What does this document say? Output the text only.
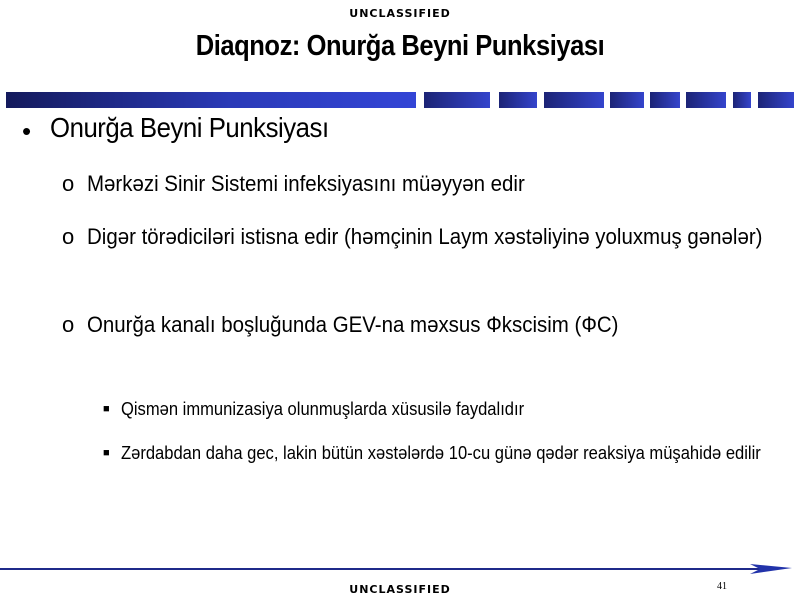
UNCLASSIFIED
Diaqnoz: Onurğa Beyni Punksiyası
• Onurğa Beyni Punksiyası
o Mǝrkǝzi Sinir Sistemi infeksiyasını müǝyyǝn edir
o Digǝr törǝdicilǝri istisna edir (hǝmçinin Laym xǝstǝliyinǝ yoluxmuş gǝnǝlǝr)
o Onurğa kanalı boşluğunda GEV-na mǝxsus Фkscisim (ФC)
■ Qismǝn immunizasiya olunmuşlarda xüsusilǝ faydalıdır
■ Zǝrdabdan daha gec, lakin bütün xǝstǝlǝrdǝ 10-cu günǝ qǝdǝr reaksiya müşahidǝ edilir
41
UNCLASSIFIED
